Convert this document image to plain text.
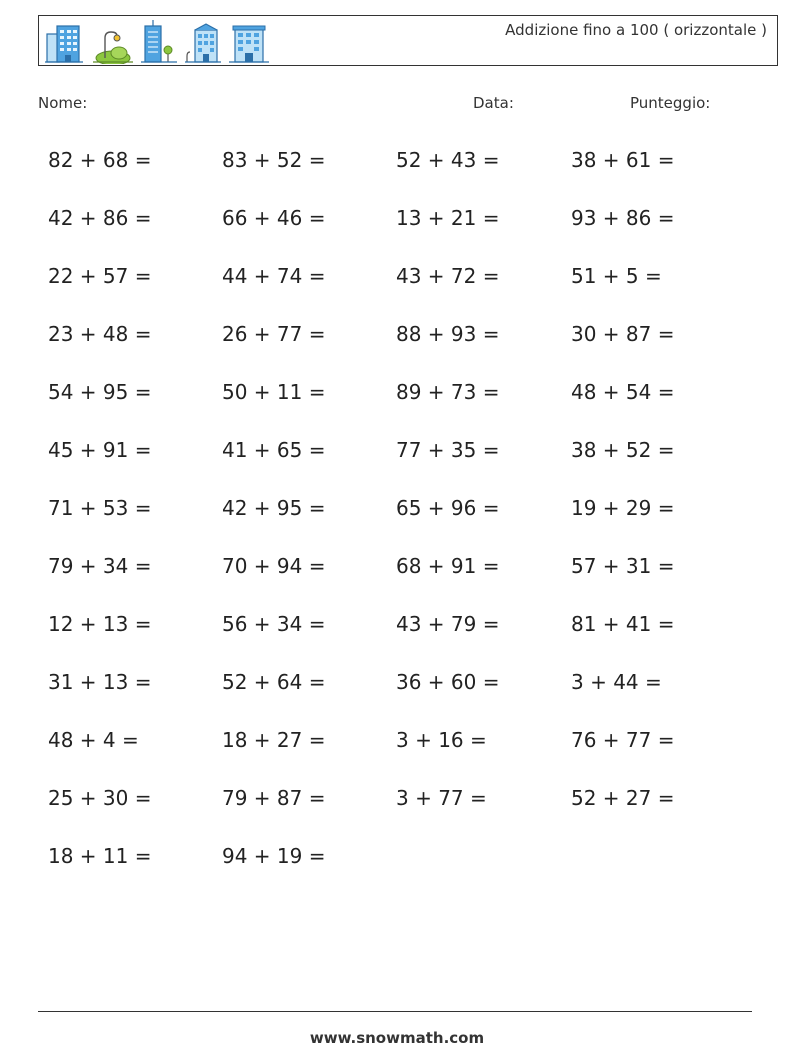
Addizione fino a 100 ( orizzontale )
Nome:	Data:	Punteggio:
82 + 68 =	83 + 52 =	52 + 43 =	38 + 61 =
42 + 86 =	66 + 46 =	13 + 21 =	93 + 86 =
22 + 57 =	44 + 74 =	43 + 72 =	51 + 5 =
23 + 48 =	26 + 77 =	88 + 93 =	30 + 87 =
54 + 95 =	50 + 11 =	89 + 73 =	48 + 54 =
45 + 91 =	41 + 65 =	77 + 35 =	38 + 52 =
71 + 53 =	42 + 95 =	65 + 96 =	19 + 29 =
79 + 34 =	70 + 94 =	68 + 91 =	57 + 31 =
12 + 13 =	56 + 34 =	43 + 79 =	81 + 41 =
31 + 13 =	52 + 64 =	36 + 60 =	3 + 44 =
48 + 4 =	18 + 27 =	3 + 16 =	76 + 77 =
25 + 30 =	79 + 87 =	3 + 77 =	52 + 27 =
18 + 11 =	94 + 19 =
www.snowmath.com
